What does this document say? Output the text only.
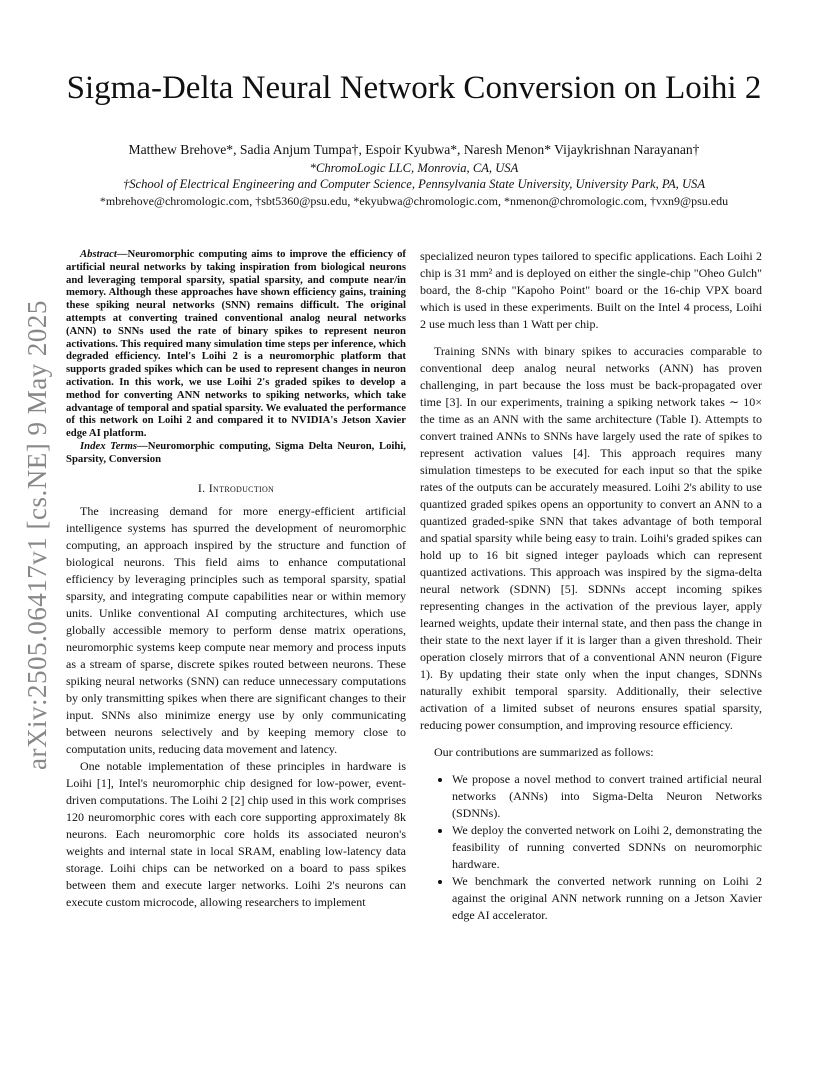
arXiv:2505.06417v1 [cs.NE] 9 May 2025
Sigma-Delta Neural Network Conversion on Loihi 2
Matthew Brehove*, Sadia Anjum Tumpa†, Espoir Kyubwa*, Naresh Menon* Vijaykrishnan Narayanan†
*ChromoLogic LLC, Monrovia, CA, USA
†School of Electrical Engineering and Computer Science, Pennsylvania State University, University Park, PA, USA
*mbrehove@chromologic.com, †sbt5360@psu.edu, *ekyubwa@chromologic.com, *nmenon@chromologic.com, †vxn9@psu.edu

Abstract—Neuromorphic computing aims to improve the efficiency of artificial neural networks by taking inspiration from biological neurons and leveraging temporal sparsity, spatial sparsity, and compute near/in memory. Although these approaches have shown efficiency gains, training these spiking neural networks (SNN) remains difficult. The original attempts at converting trained conventional analog neural networks (ANN) to SNNs used the rate of binary spikes to represent neuron activations. This required many simulation time steps per inference, which degraded efficiency. Intel's Loihi 2 is a neuromorphic platform that supports graded spikes which can be used to represent changes in neuron activation. In this work, we use Loihi 2's graded spikes to develop a method for converting ANN networks to spiking networks, which take advantage of temporal and spatial sparsity. We evaluated the performance of this network on Loihi 2 and compared it to NVIDIA's Jetson Xavier edge AI platform.

Index Terms—Neuromorphic computing, Sigma Delta Neuron, Loihi, Sparsity, Conversion

I. Introduction

The increasing demand for more energy-efficient artificial intelligence systems has spurred the development of neuromorphic computing, an approach inspired by the structure and function of biological neurons. This field aims to enhance computational efficiency by leveraging principles such as temporal sparsity, spatial sparsity, and integrating compute capabilities near or within memory units. Unlike conventional AI computing architectures, which use globally accessible memory to perform dense matrix operations, neuromorphic systems keep compute near memory and process inputs as a stream of sparse, discrete spikes routed between neurons. These spiking neural networks (SNN) can reduce unnecessary computations by only transmitting spikes when there are significant changes to their input. SNNs also minimize energy use by only communicating between neurons selectively and by keeping memory close to computation units, reducing data movement and latency.

One notable implementation of these principles in hardware is Loihi [1], Intel's neuromorphic chip designed for low-power, event-driven computations. The Loihi 2 [2] chip used in this work comprises 120 neuromorphic cores with each core supporting approximately 8k neurons. Each neuromorphic core holds its associated neuron's weights and internal state in local SRAM, enabling low-latency data storage. Loihi chips can be networked on a board to pass spikes between them and execute larger networks. Loihi 2's neurons can execute custom microcode, allowing researchers to implement

specialized neuron types tailored to specific applications. Each Loihi 2 chip is 31 mm² and is deployed on either the single-chip "Oheo Gulch" board, the 8-chip "Kapoho Point" board or the 16-chip VPX board which is used in these experiments. Built on the Intel 4 process, Loihi 2 use much less than 1 Watt per chip.

Training SNNs with binary spikes to accuracies comparable to conventional deep analog neural networks (ANN) has proven challenging, in part because the loss must be back-propagated over time [3]. In our experiments, training a spiking network takes ∼ 10× the time as an ANN with the same architecture (Table I). Attempts to convert trained ANNs to SNNs have largely used the rate of spikes to represent activation values [4]. This approach requires many simulation timesteps to be executed for each input so that the spike rates of the outputs can be accurately measured. Loihi 2's ability to use quantized graded spikes opens an opportunity to convert an ANN to a quantized graded-spike SNN that takes advantage of both temporal and spatial sparsity while being easy to train. Loihi's graded spikes can hold up to 16 bit signed integer payloads which can represent quantized activations. This approach was inspired by the sigma-delta neural network (SDNN) [5]. SDNNs accept incoming spikes representing changes in the activation of the previous layer, apply learned weights, update their internal state, and then pass the change in their state to the next layer if it is larger than a given threshold. Their operation closely mirrors that of a conventional ANN neuron (Figure 1). By updating their state only when the input changes, SDNNs naturally exhibit temporal sparsity. Additionally, their selective activation of a limited subset of neurons ensures spatial sparsity, reducing power consumption, and improving resource efficiency.

Our contributions are summarized as follows:

• We propose a novel method to convert trained artificial neural networks (ANNs) into Sigma-Delta Neuron Networks (SDNNs).
• We deploy the converted network on Loihi 2, demonstrating the feasibility of running converted SDNNs on neuromorphic hardware.
• We benchmark the converted network running on Loihi 2 against the original ANN network running on a Jetson Xavier edge AI accelerator.
